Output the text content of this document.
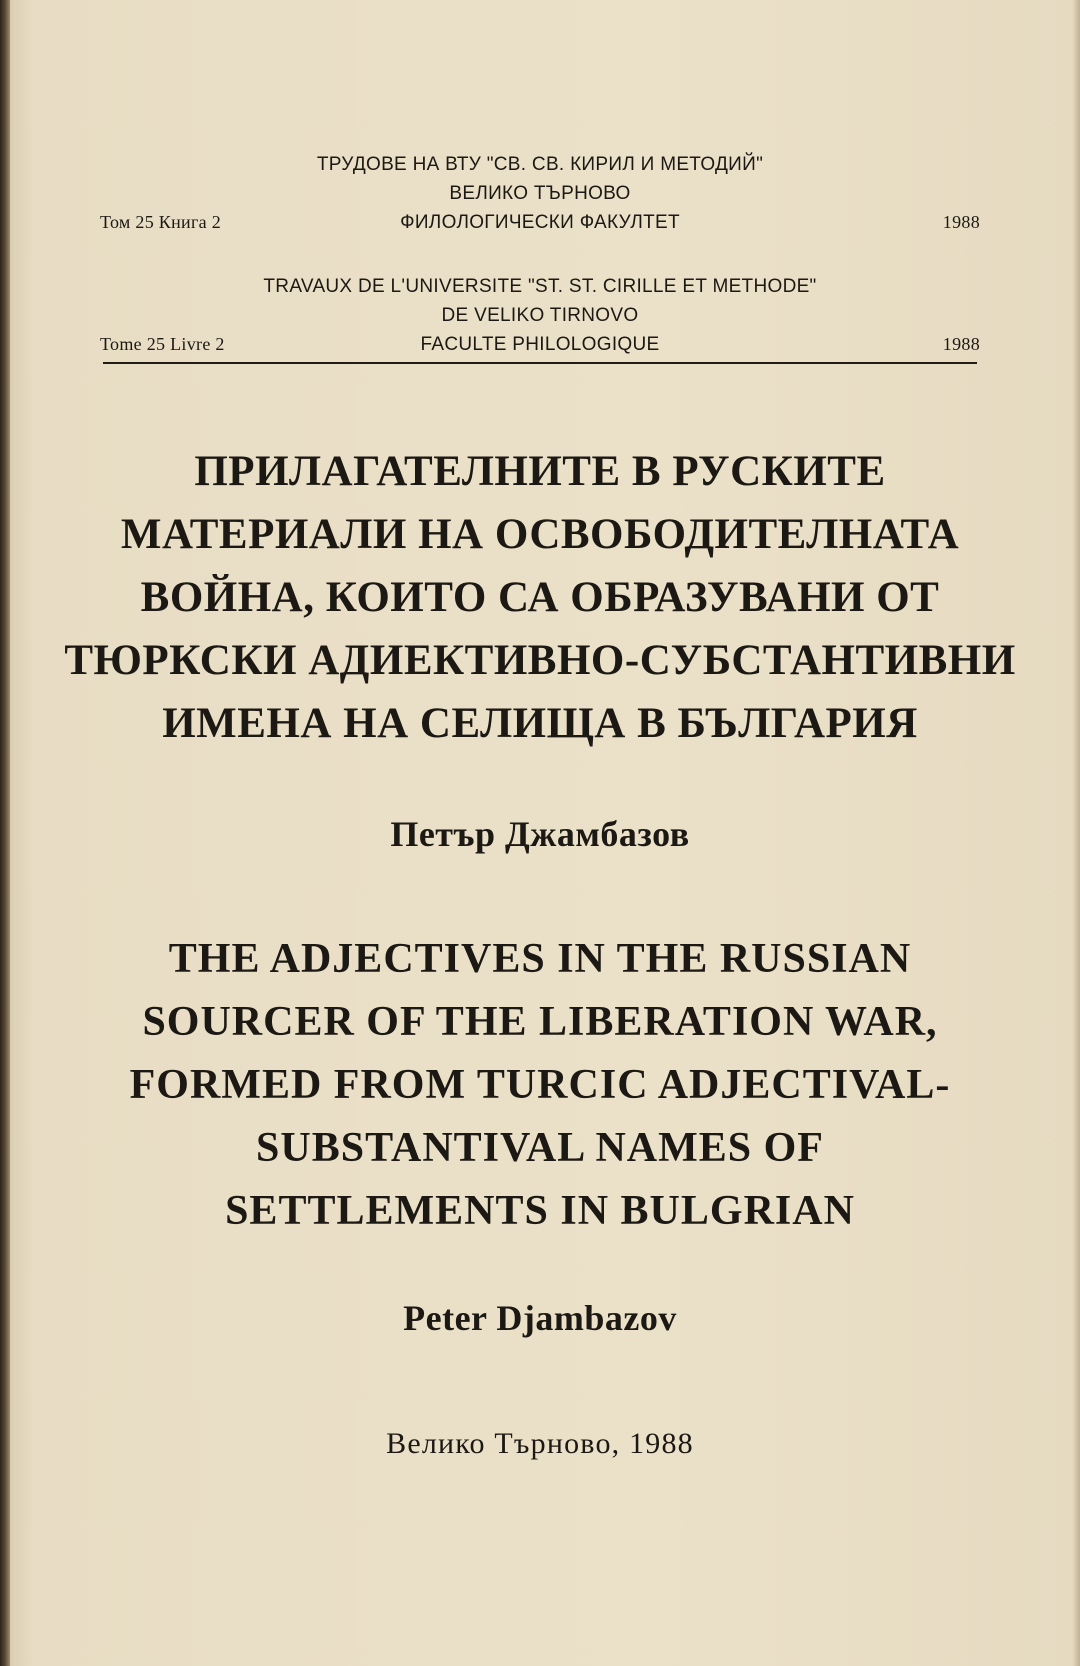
ТРУДОВЕ НА ВТУ "СВ. СВ. КИРИЛ И МЕТОДИЙ"
ВЕЛИКО ТЪРНОВО
Том 25 Книга 2	ФИЛОЛОГИЧЕСКИ ФАКУЛТЕТ	1988
TRAVAUX DE L'UNIVERSITE "ST. ST. CIRILLE ET METHODE"
DE VELIKO TIRNOVO
Tome 25 Livre 2	FACULTE PHILOLOGIQUE	1988
ПРИЛАГАТЕЛНИТЕ В РУСКИТЕ
МАТЕРИАЛИ НА ОСВОБОДИТЕЛНАТА
ВОЙНА, КОИТО СА ОБРАЗУВАНИ ОТ
ТЮРКСКИ АДИЕКТИВНО-СУБСТАНТИВНИ
ИМЕНА НА СЕЛИЩА В БЪЛГАРИЯ
Петър Джамбазов
THE ADJECTIVES IN THE RUSSIAN
SOURCER OF THE LIBERATION WAR,
FORMED FROM TURCIC ADJECTIVAL-
SUBSTANTIVAL NAMES OF
SETTLEMENTS IN BULGRIAN
Peter Djambazov
Велико Търново, 1988
